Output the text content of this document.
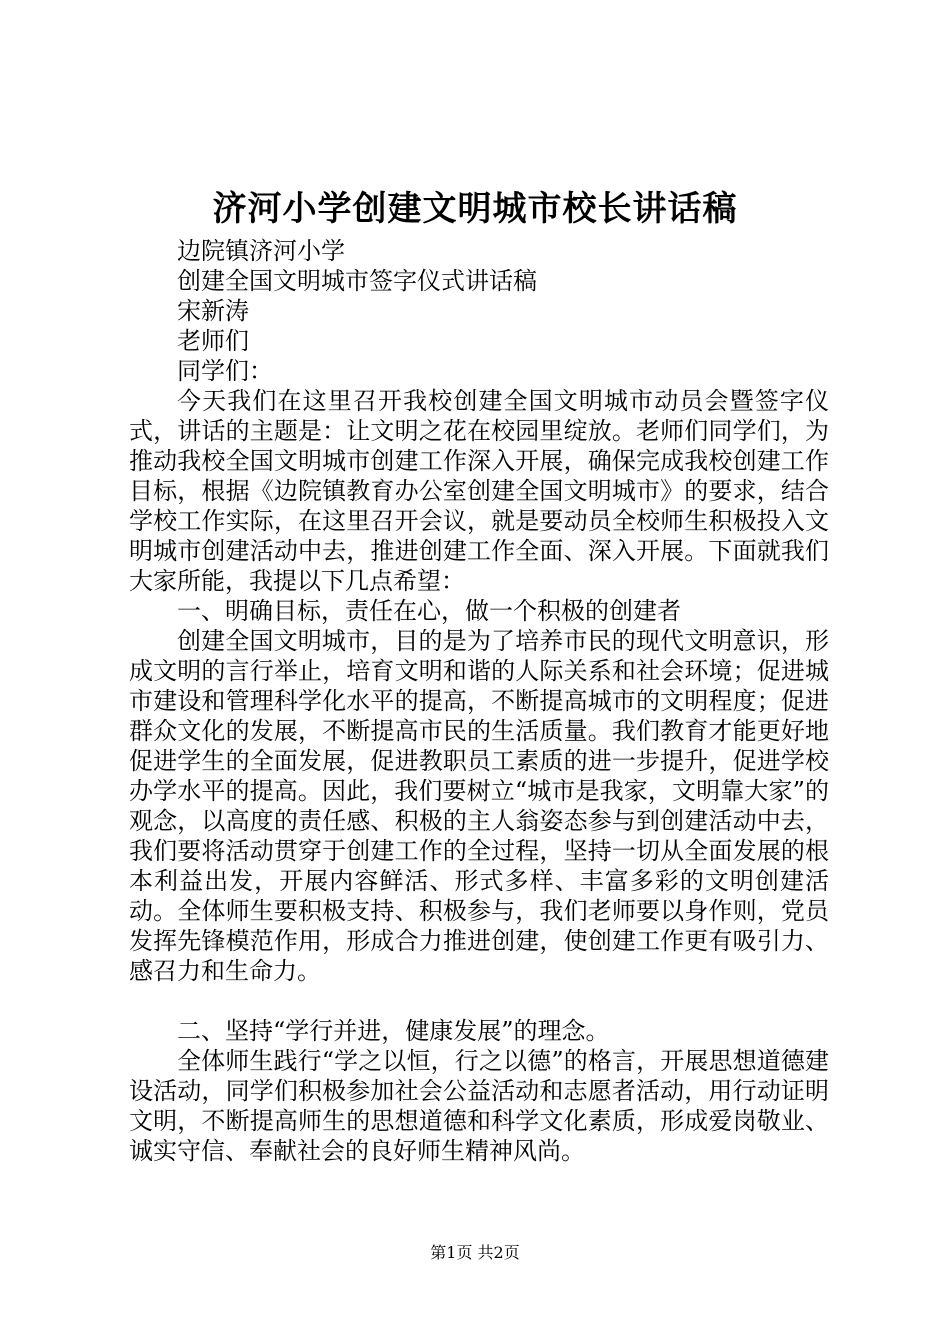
济河小学创建文明城市校长讲话稿

边院镇济河小学

创建全国文明城市签字仪式讲话稿

宋新涛

老师们

同学们：

今天我们在这里召开我校创建全国文明城市动员会暨签字仪式，讲话的主题是：让文明之花在校园里绽放。老师们同学们，为推动我校全国文明城市创建工作深入开展，确保完成我校创建工作目标，根据《边院镇教育办公室创建全国文明城市》的要求，结合学校工作实际，在这里召开会议，就是要动员全校师生积极投入文明城市创建活动中去，推进创建工作全面、深入开展。下面就我们大家所能，我提以下几点希望：

一、明确目标，责任在心，做一个积极的创建者

创建全国文明城市，目的是为了培养市民的现代文明意识，形成文明的言行举止，培育文明和谐的人际关系和社会环境；促进城市建设和管理科学化水平的提高，不断提高城市的文明程度；促进群众文化的发展，不断提高市民的生活质量。我们教育才能更好地促进学生的全面发展，促进教职员工素质的进一步提升，促进学校办学水平的提高。因此，我们要树立“城市是我家，文明靠大家”的观念，以高度的责任感、积极的主人翁姿态参与到创建活动中去，我们要将活动贯穿于创建工作的全过程，坚持一切从全面发展的根本利益出发，开展内容鲜活、形式多样、丰富多彩的文明创建活动。全体师生要积极支持、积极参与，我们老师要以身作则，党员发挥先锋模范作用，形成合力推进创建，使创建工作更有吸引力、感召力和生命力。

二、坚持“学行并进，健康发展”的理念。

全体师生践行“学之以恒，行之以德”的格言，开展思想道德建设活动，同学们积极参加社会公益活动和志愿者活动，用行动证明文明，不断提高师生的思想道德和科学文化素质，形成爱岗敬业、诚实守信、奉献社会的良好师生精神风尚。

第1页 共2页
